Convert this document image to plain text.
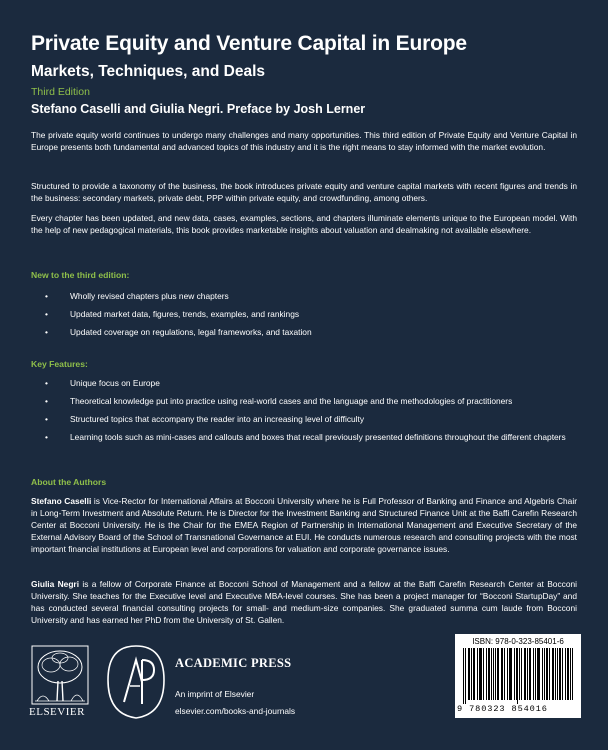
Private Equity and Venture Capital in Europe
Markets, Techniques, and Deals
Third Edition
Stefano Caselli and Giulia Negri. Preface by Josh Lerner

The private equity world continues to undergo many challenges and many opportunities. This third edition of Private Equity and Venture Capital in Europe presents both fundamental and advanced topics of this industry and it is the right means to stay informed with the market evolution.

Structured to provide a taxonomy of the business, the book introduces private equity and venture capital markets with recent figures and trends in the business: secondary markets, private debt, PPP within private equity, and crowdfunding, among others.

Every chapter has been updated, and new data, cases, examples, sections, and chapters illuminate elements unique to the European model. With the help of new pedagogical materials, this book provides marketable insights about valuation and dealmaking not available elsewhere.

New to the third edition:
•	Wholly revised chapters plus new chapters
•	Updated market data, figures, trends, examples, and rankings
•	Updated coverage on regulations, legal frameworks, and taxation
Key Features:
•	Unique focus on Europe
•	Theoretical knowledge put into practice using real-world cases and the language and the methodologies of practitioners
•	Structured topics that accompany the reader into an increasing level of difficulty
•	Learning tools such as mini-cases and callouts and boxes that recall previously presented definitions throughout the different chapters
About the Authors

Stefano Caselli is Vice-Rector for International Affairs at Bocconi University where he is Full Professor of Banking and Finance and Algebris Chair in Long-Term Investment and Absolute Return. He is Director for the Investment Banking and Structured Finance Unit at the Baffi Carefin Research Center at Bocconi University. He is the Chair for the EMEA Region of Partnership in International Management and Executive Secretary of the External Advisory Board of the School of Transnational Governance at EUI. He conducts numerous research and consulting projects with the most important financial institutions at European level and corporations for valuation and corporate governance issues.

Giulia Negri is a fellow of Corporate Finance at Bocconi School of Management and a fellow at the Baffi Carefin Research Center at Bocconi University. She teaches for the Executive level and Executive MBA-level courses. She has been a project manager for “Bocconi StartupDay” and has conducted several financial consulting projects for small- and medium-size companies. She graduated summa cum laude from Bocconi University and has earned her PhD from the University of St. Gallen.

ELSEVIER
ACADEMIC PRESS
An imprint of Elsevier
elsevier.com/books-and-journals
ISBN: 978-0-323-85401-6
9 780323 854016
